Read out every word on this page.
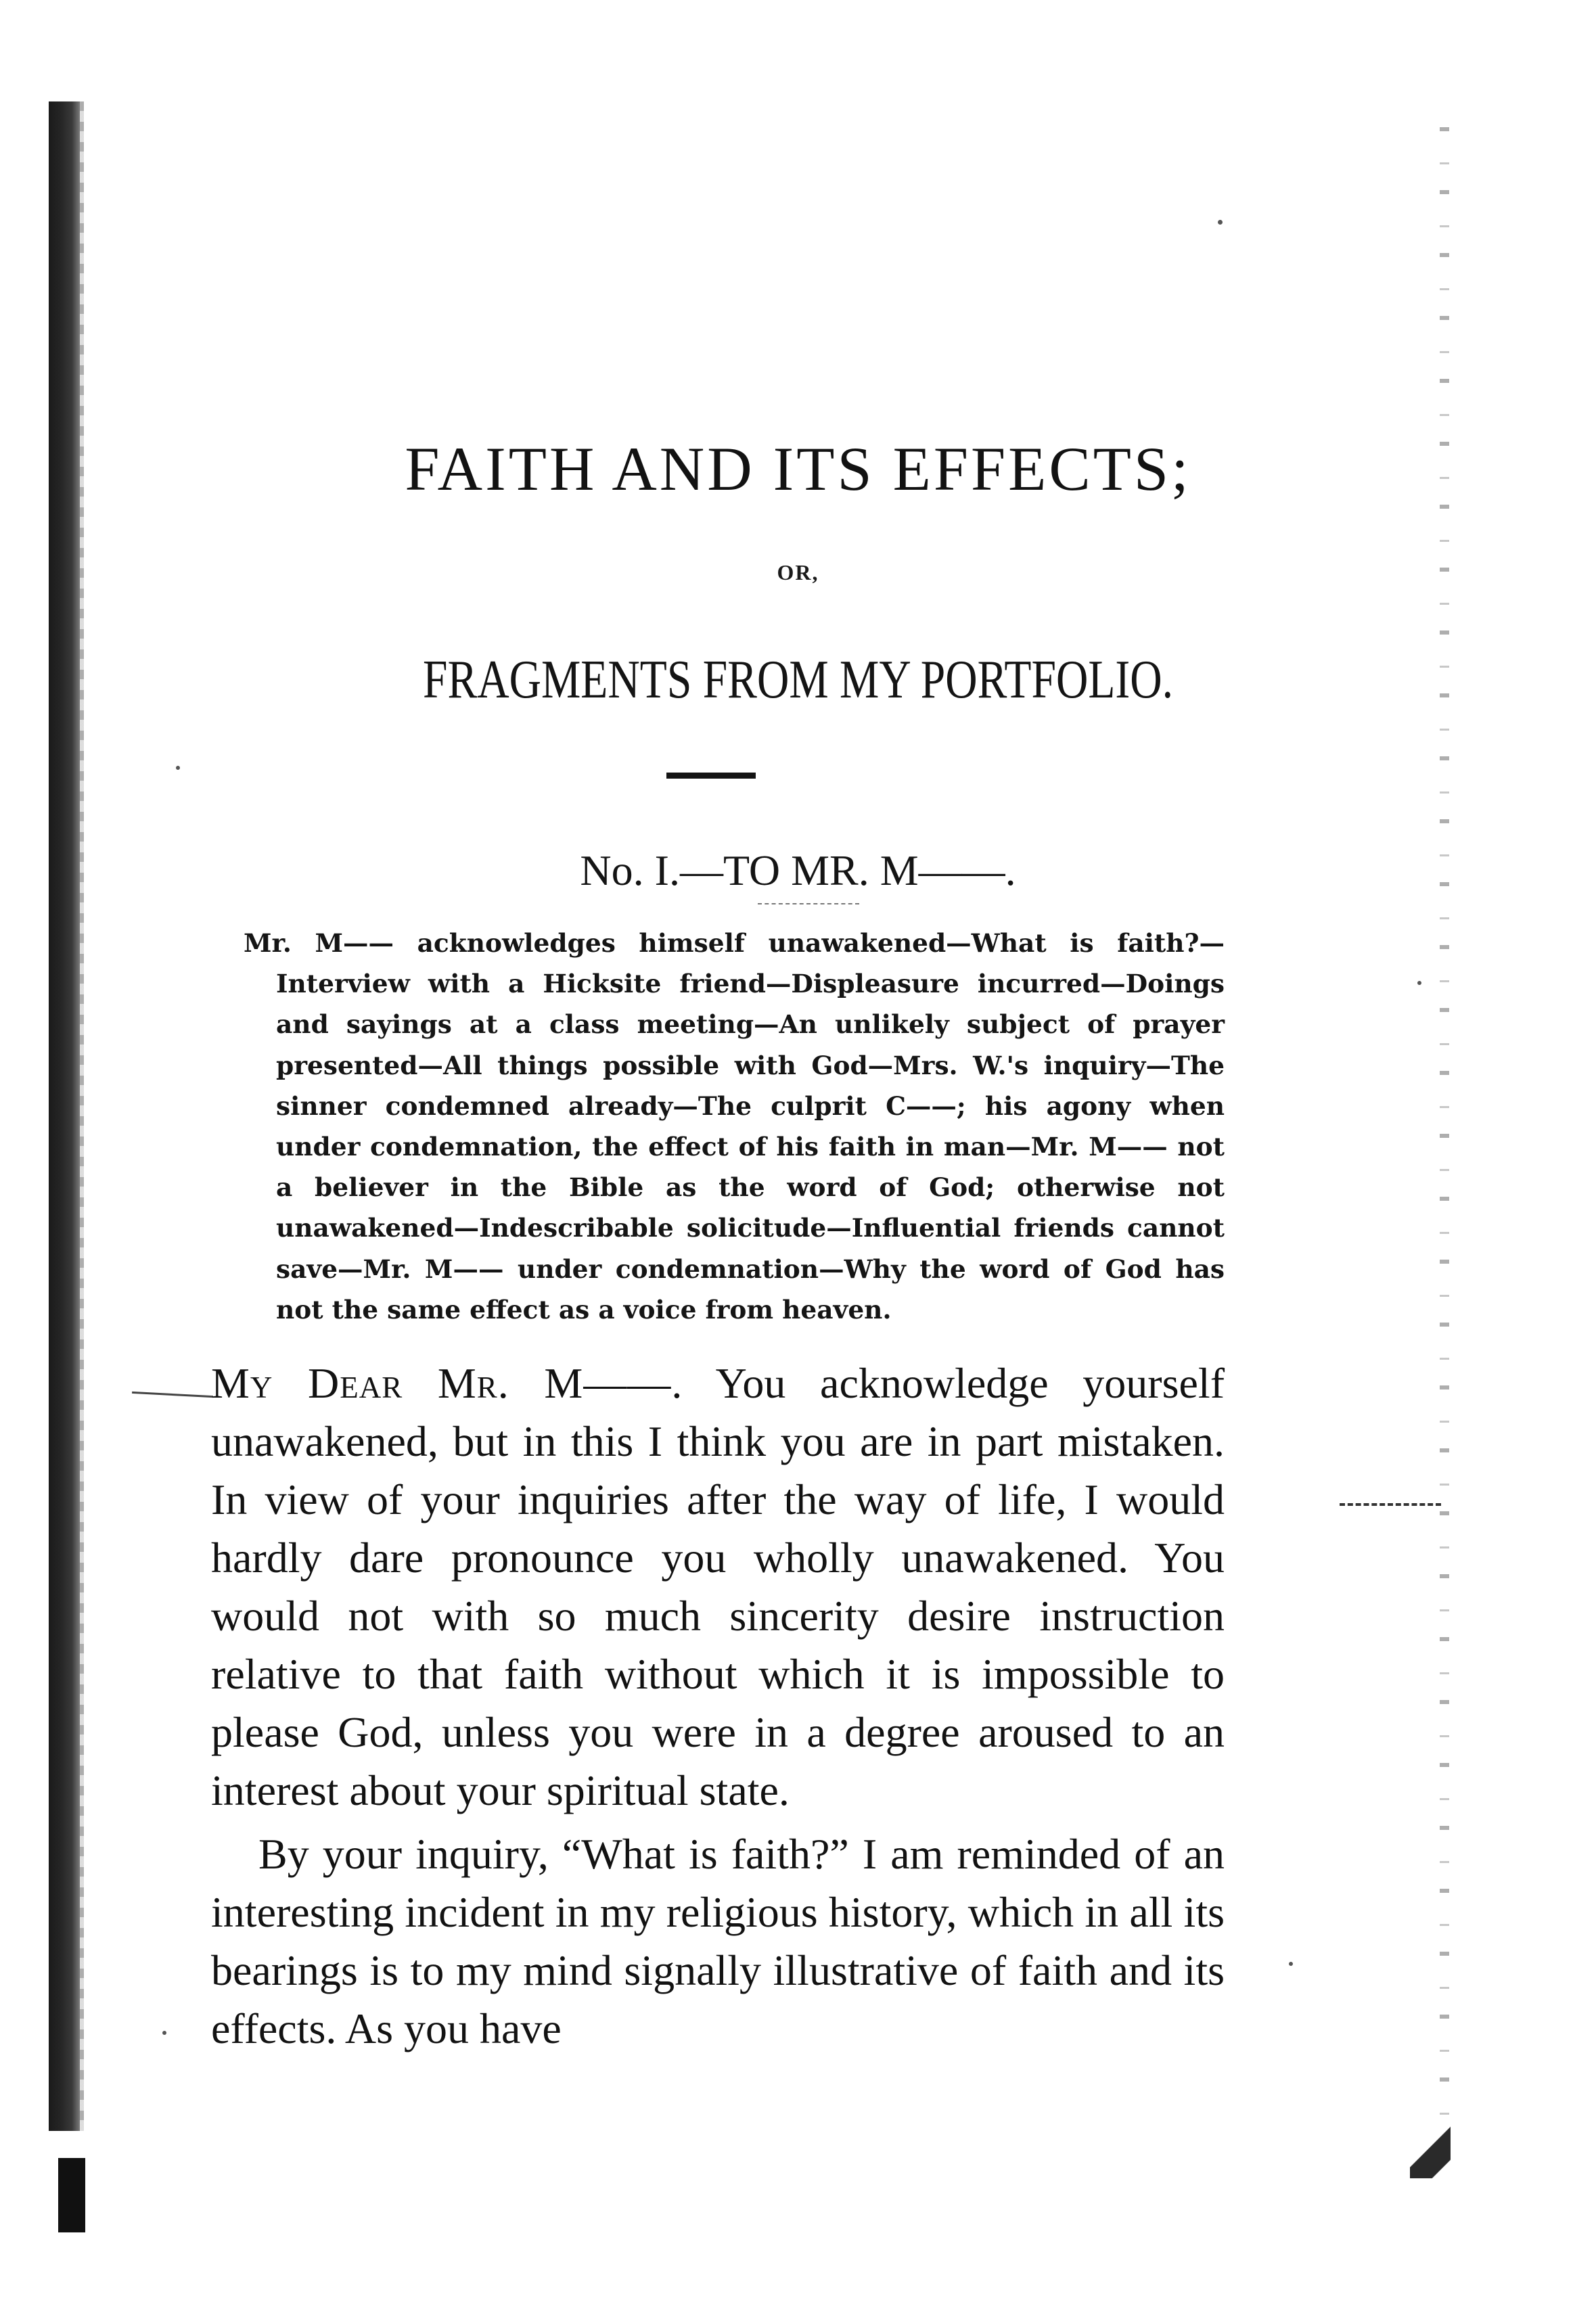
FAITH AND ITS EFFECTS;
OR,
FRAGMENTS FROM MY PORTFOLIO.
No. I.—TO MR. M——.
Mr. M—— acknowledges himself unawakened—What is faith?—Interview with a Hicksite friend—Displeasure incurred—Doings and sayings at a class meeting—An unlikely subject of prayer presented—All things possible with God—Mrs. W.'s inquiry—The sinner condemned already—The culprit C——; his agony when under condemnation, the effect of his faith in man—Mr. M—— not a believer in the Bible as the word of God; otherwise not unawakened—Indescribable solicitude—Influential friends cannot save—Mr. M—— under condemnation—Why the word of God has not the same effect as a voice from heaven.

My Dear Mr. M——. You acknowledge yourself unawakened, but in this I think you are in part mistaken. In view of your inquiries after the way of life, I would hardly dare pronounce you wholly unawakened. You would not with so much sincerity desire instruction relative to that faith without which it is impossible to please God, unless you were in a degree aroused to an interest about your spiritual state.

By your inquiry, “What is faith?” I am reminded of an interesting incident in my religious history, which in all its bearings is to my mind signally illustrative of faith and its effects. As you have
